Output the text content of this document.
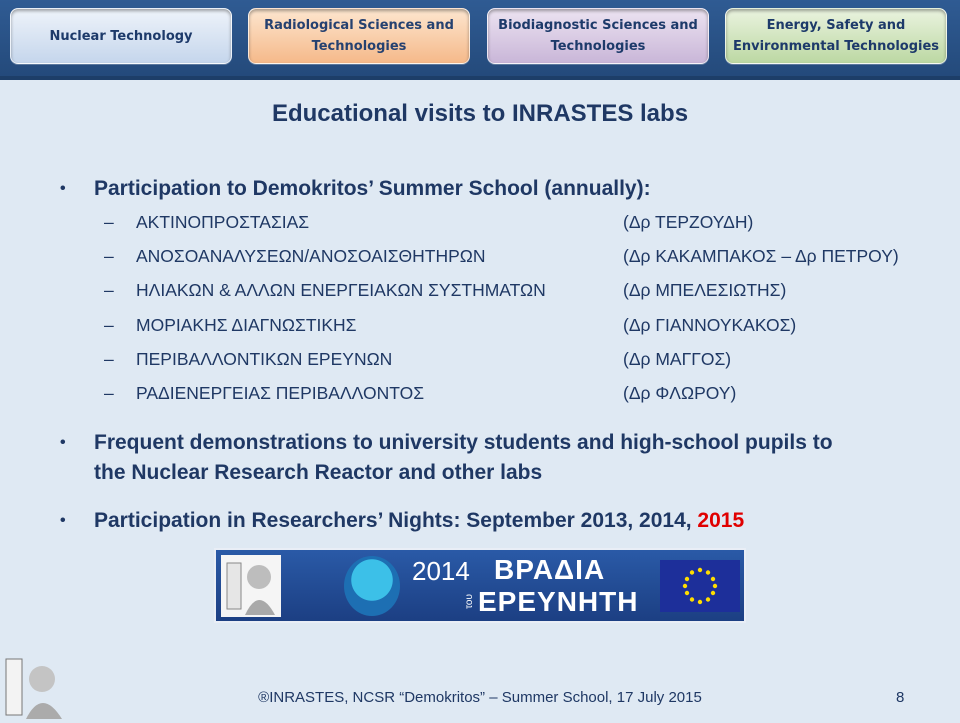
Nuclear Technology
Radiological Sciences and
Technologies
Biodiagnostic Sciences and
Technologies
Energy, Safety and
Environmental Technologies
Educational visits to INRASTES labs
• Participation to Demokritos’ Summer School (annually):
– ΑΚΤΙΝΟΠΡΟΣΤΑΣΙΑΣ	(Δρ ΤΕΡΖΟΥΔΗ)
– ΑΝΟΣΟΑΝΑΛΥΣΕΩΝ/ΑΝΟΣΟΑΙΣΘΗΤΗΡΩΝ	(Δρ ΚΑΚΑΜΠΑΚΟΣ – Δρ ΠΕΤΡΟΥ)
– ΗΛΙΑΚΩΝ & ΑΛΛΩΝ ΕΝΕΡΓΕΙΑΚΩΝ ΣΥΣΤΗΜΑΤΩΝ	(Δρ ΜΠΕΛΕΣΙΩΤΗΣ)
– ΜΟΡΙΑΚΗΣ ΔΙΑΓΝΩΣΤΙΚΗΣ	(Δρ ΓΙΑΝΝΟΥΚΑΚΟΣ)
– ΠΕΡΙΒΑΛΛΟΝΤΙΚΩΝ ΕΡΕΥΝΩΝ	(Δρ ΜΑΓΓΟΣ)
– ΡΑΔΙΕΝΕΡΓΕΙΑΣ ΠΕΡΙΒΑΛΛΟΝΤΟΣ	(Δρ ΦΛΩΡΟΥ)
• Frequent demonstrations to university students and high-school pupils to
the Nuclear Research Reactor and other labs
• Participation in Researchers’ Nights: September 2013, 2014, 2015
2014 ΒΡΑΔΙΑ
ΕΡΕΥΝΗΤΗ
του
®INRASTES, NCSR “Demokritos” – Summer School, 17 July 2015	8
